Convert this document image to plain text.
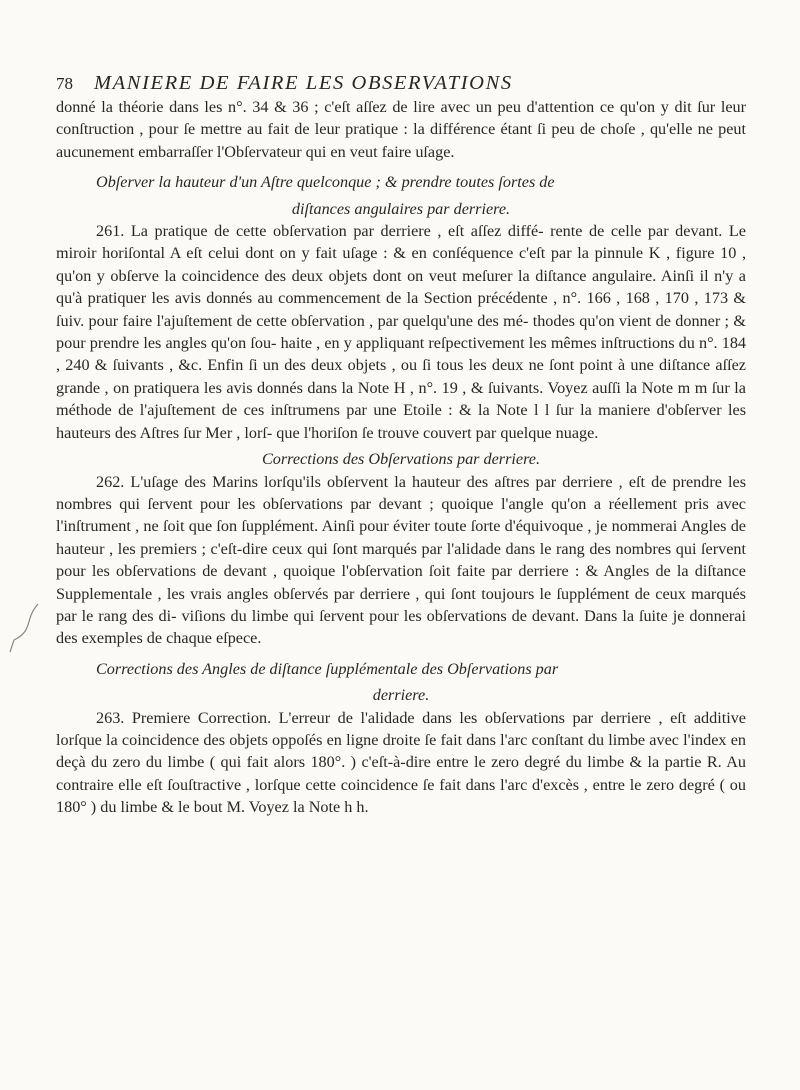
78	MANIERE DE FAIRE LES OBSERVATIONS

donné la théorie dans les n°. 34 & 36 ; c'eſt aſſez de lire avec un peu d'attention ce qu'on y dit ſur leur conſtruction , pour ſe mettre au fait de leur pratique : la différence étant ſi peu de choſe , qu'elle ne peut aucunement embarraſſer l'Obſervateur qui en veut faire uſage.

Obſerver la hauteur d'un Aſtre quelconque ; & prendre toutes ſortes de

diſtances angulaires par derriere.

261. La pratique de cette obſervation par derriere , eſt aſſez diffé- rente de celle par devant. Le miroir horiſontal A eſt celui dont on y fait uſage : & en conſéquence c'eſt par la pinnule K , figure 10 , qu'on y obſerve la coincidence des deux objets dont on veut meſurer la diſtance angulaire. Ainſi il n'y a qu'à pratiquer les avis donnés au commencement de la Section précédente , n°. 166 , 168 , 170 , 173 & ſuiv. pour faire l'ajuſtement de cette obſervation , par quelqu'une des mé- thodes qu'on vient de donner ; & pour prendre les angles qu'on ſou- haite , en y appliquant reſpectivement les mêmes inſtructions du n°. 184 , 240 & ſuivants , &c. Enfin ſi un des deux objets , ou ſi tous les deux ne ſont point à une diſtance aſſez grande , on pratiquera les avis donnés dans la Note H , n°. 19 , & ſuivants. Voyez auſſi la Note m m ſur la méthode de l'ajuſtement de ces inſtrumens par une Etoile : & la Note l l ſur la maniere d'obſerver les hauteurs des Aſtres ſur Mer , lorſ- que l'horiſon ſe trouve couvert par quelque nuage.

Corrections des Obſervations par derriere.

262. L'uſage des Marins lorſqu'ils obſervent la hauteur des aſtres par derriere , eſt de prendre les nombres qui ſervent pour les obſervations par devant ; quoique l'angle qu'on a réellement pris avec l'inſtrument , ne ſoit que ſon ſupplément. Ainſi pour éviter toute ſorte d'équivoque , je nommerai Angles de hauteur , les premiers ; c'eſt-dire ceux qui ſont marqués par l'alidade dans le rang des nombres qui ſervent pour les obſervations de devant , quoique l'obſervation ſoit faite par derriere : & Angles de la diſtance Supplementale , les vrais angles obſervés par derriere , qui ſont toujours le ſupplément de ceux marqués par le rang des di- viſions du limbe qui ſervent pour les obſervations de devant. Dans la ſuite je donnerai des exemples de chaque eſpece.

Corrections des Angles de diſtance ſupplémentale des Obſervations par

derriere.

263. Premiere Correction. L'erreur de l'alidade dans les obſervations par derriere , eſt additive lorſque la coincidence des objets oppoſés en ligne droite ſe fait dans l'arc conſtant du limbe avec l'index en deçà du zero du limbe ( qui fait alors 180°. ) c'eſt-à-dire entre le zero degré du limbe & la partie R. Au contraire elle eſt ſouſtractive , lorſque cette coincidence ſe fait dans l'arc d'excès , entre le zero degré ( ou 180° ) du limbe & le bout M. Voyez la Note h h.
